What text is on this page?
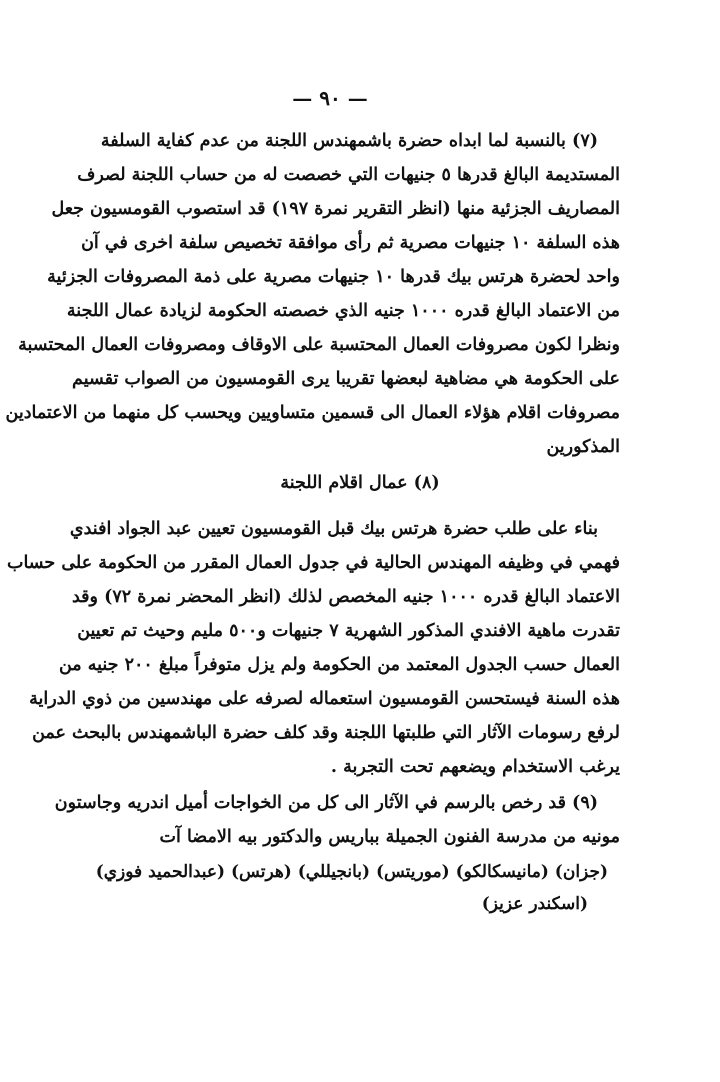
— ٩٠ —
(٧) بالنسبة لما ابداه حضرة باشمهندس اللجنة من عدم كفاية السلفة
المستديمة البالغ قدرها ٥ جنيهات التي خصصت له من حساب اللجنة لصرف
المصاريف الجزئية منها (انظر التقرير نمرة ١٩٧) قد استصوب القومسيون جعل
هذه السلفة ١٠ جنيهات مصرية ثم رأى موافقة تخصيص سلفة اخرى في آن
واحد لحضرة هرتس بيك قدرها ١٠ جنيهات مصرية على ذمة المصروفات الجزئية
من الاعتماد البالغ قدره ١٠٠٠ جنيه الذي خصصته الحكومة لزيادة عمال اللجنة
ونظرا لكون مصروفات العمال المحتسبة على الاوقاف ومصروفات العمال المحتسبة
على الحكومة هي مضاهية لبعضها تقريبا يرى القومسيون من الصواب تقسيم
مصروفات اقلام هؤلاء العمال الى قسمين متساويين ويحسب كل منهما من الاعتمادين
المذكورين
(٨) عمال اقلام اللجنة
بناء على طلب حضرة هرتس بيك قبل القومسيون تعيين عبد الجواد افندي
فهمي في وظيفه المهندس الحالية في جدول العمال المقرر من الحكومة على حساب
الاعتماد البالغ قدره ١٠٠٠ جنيه المخصص لذلك (انظر المحضر نمرة ٧٢) وقد
تقدرت ماهية الافندي المذكور الشهرية ٧ جنيهات و٥٠٠ مليم وحيث تم تعيين
العمال حسب الجدول المعتمد من الحكومة ولم يزل متوفراً مبلغ ٢٠٠ جنيه من
هذه السنة فيستحسن القومسيون استعماله لصرفه على مهندسين من ذوي الدراية
لرفع رسومات الآثار التي طلبتها اللجنة وقد كلف حضرة الباشمهندس بالبحث عمن
يرغب الاستخدام ويضعهم تحت التجربة .
(٩) قد رخص بالرسم في الآثار الى كل من الخواجات أميل اندريه وجاستون
مونيه من مدرسة الفنون الجميلة بباريس والدكتور بيه الامضا آت
(جزان) (مانيسكالكو) (موريتس) (بانجيللي) (هرتس) (عبدالحميد فوزي)
(اسكندر عزيز)
